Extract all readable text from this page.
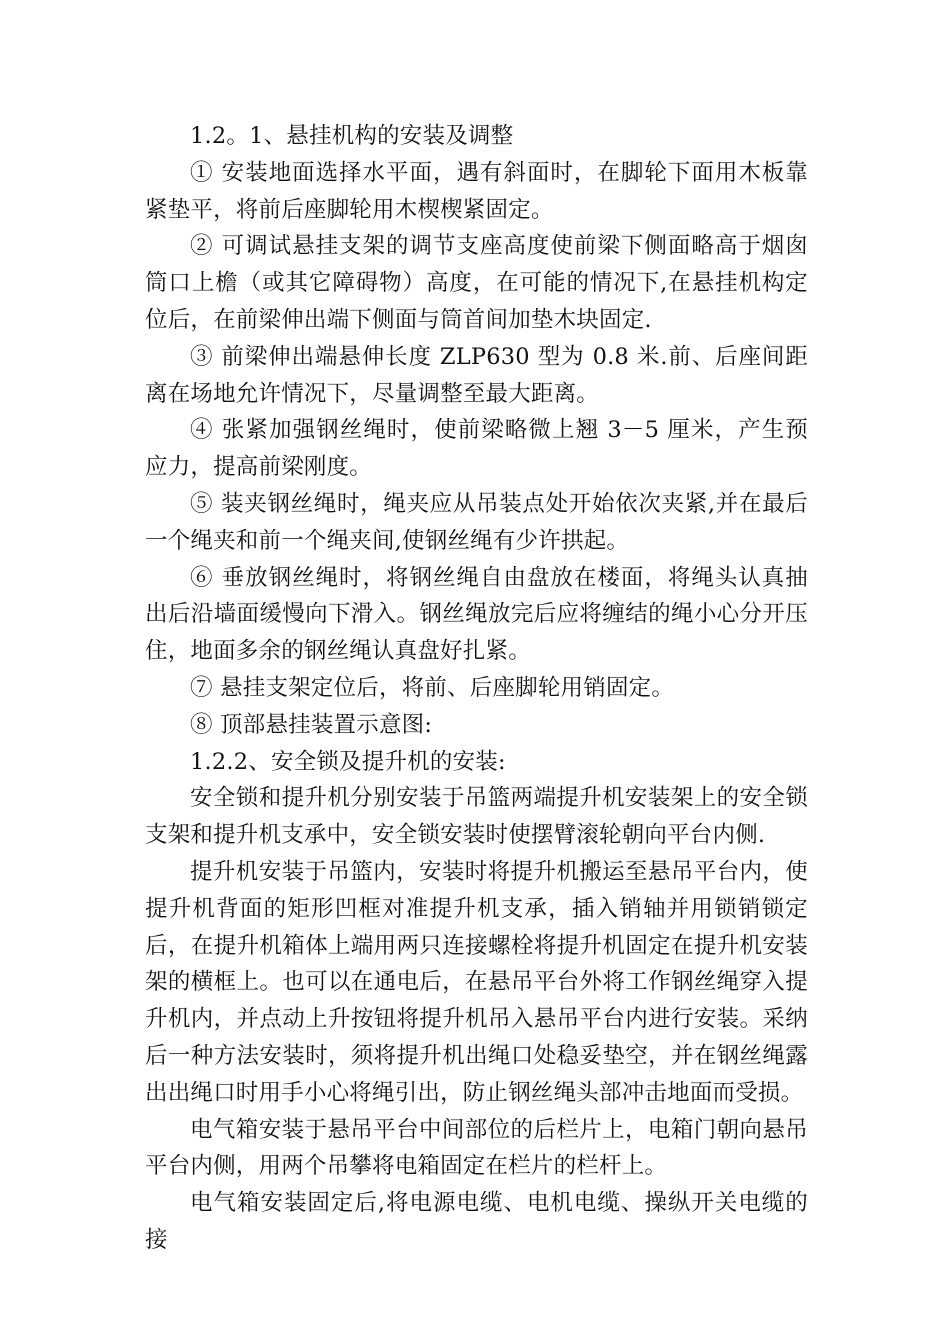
1.2。1、悬挂机构的安装及调整

① 安装地面选择水平面，遇有斜面时，在脚轮下面用木板靠紧垫平，将前后座脚轮用木楔楔紧固定。

② 可调试悬挂支架的调节支座高度使前梁下侧面略高于烟囱筒口上檐（或其它障碍物）高度，在可能的情况下,在悬挂机构定位后，在前梁伸出端下侧面与筒首间加垫木块固定.

③ 前梁伸出端悬伸长度 ZLP630 型为 0.8 米.前、后座间距离在场地允许情况下，尽量调整至最大距离。

④ 张紧加强钢丝绳时，使前梁略微上翘 3－5 厘米，产生预应力，提高前梁刚度。

⑤ 装夹钢丝绳时，绳夹应从吊装点处开始依次夹紧,并在最后一个绳夹和前一个绳夹间,使钢丝绳有少许拱起。

⑥ 垂放钢丝绳时，将钢丝绳自由盘放在楼面，将绳头认真抽出后沿墙面缓慢向下滑入。钢丝绳放完后应将缠结的绳小心分开压住，地面多余的钢丝绳认真盘好扎紧。

⑦ 悬挂支架定位后，将前、后座脚轮用销固定。

⑧ 顶部悬挂装置示意图:

1.2.2、安全锁及提升机的安装:

安全锁和提升机分别安装于吊篮两端提升机安装架上的安全锁支架和提升机支承中，安全锁安装时使摆臂滚轮朝向平台内侧.

提升机安装于吊篮内，安装时将提升机搬运至悬吊平台内，使提升机背面的矩形凹框对准提升机支承，插入销轴并用锁销锁定后，在提升机箱体上端用两只连接螺栓将提升机固定在提升机安装架的横框上。也可以在通电后，在悬吊平台外将工作钢丝绳穿入提升机内，并点动上升按钮将提升机吊入悬吊平台内进行安装。采纳后一种方法安装时，须将提升机出绳口处稳妥垫空，并在钢丝绳露出出绳口时用手小心将绳引出，防止钢丝绳头部冲击地面而受损。

电气箱安装于悬吊平台中间部位的后栏片上，电箱门朝向悬吊平台内侧，用两个吊攀将电箱固定在栏片的栏杆上。

电气箱安装固定后,将电源电缆、电机电缆、操纵开关电缆的接
